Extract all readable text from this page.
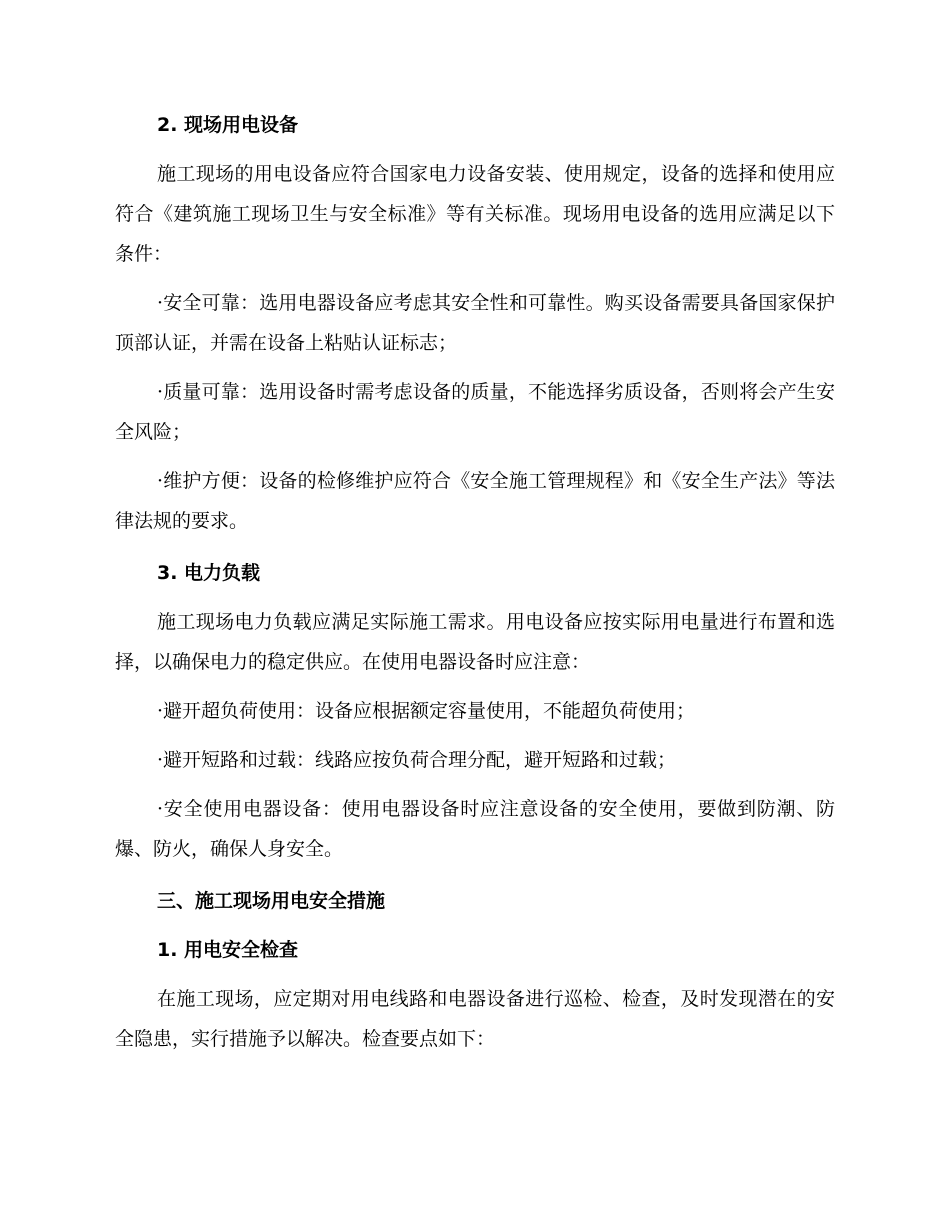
2. 现场用电设备

施工现场的用电设备应符合国家电力设备安装、使用规定，设备的选择和使用应符合《建筑施工现场卫生与安全标准》等有关标准。现场用电设备的选用应满足以下条件：

·安全可靠：选用电器设备应考虑其安全性和可靠性。购买设备需要具备国家保护顶部认证，并需在设备上粘贴认证标志；

·质量可靠：选用设备时需考虑设备的质量，不能选择劣质设备，否则将会产生安全风险；

·维护方便：设备的检修维护应符合《安全施工管理规程》和《安全生产法》等法律法规的要求。

3. 电力负载

施工现场电力负载应满足实际施工需求。用电设备应按实际用电量进行布置和选择，以确保电力的稳定供应。在使用电器设备时应注意：

·避开超负荷使用：设备应根据额定容量使用，不能超负荷使用；

·避开短路和过载：线路应按负荷合理分配，避开短路和过载；

·安全使用电器设备：使用电器设备时应注意设备的安全使用，要做到防潮、防爆、防火，确保人身安全。

三、施工现场用电安全措施
1. 用电安全检查

在施工现场，应定期对用电线路和电器设备进行巡检、检查，及时发现潜在的安全隐患，实行措施予以解决。检查要点如下：
